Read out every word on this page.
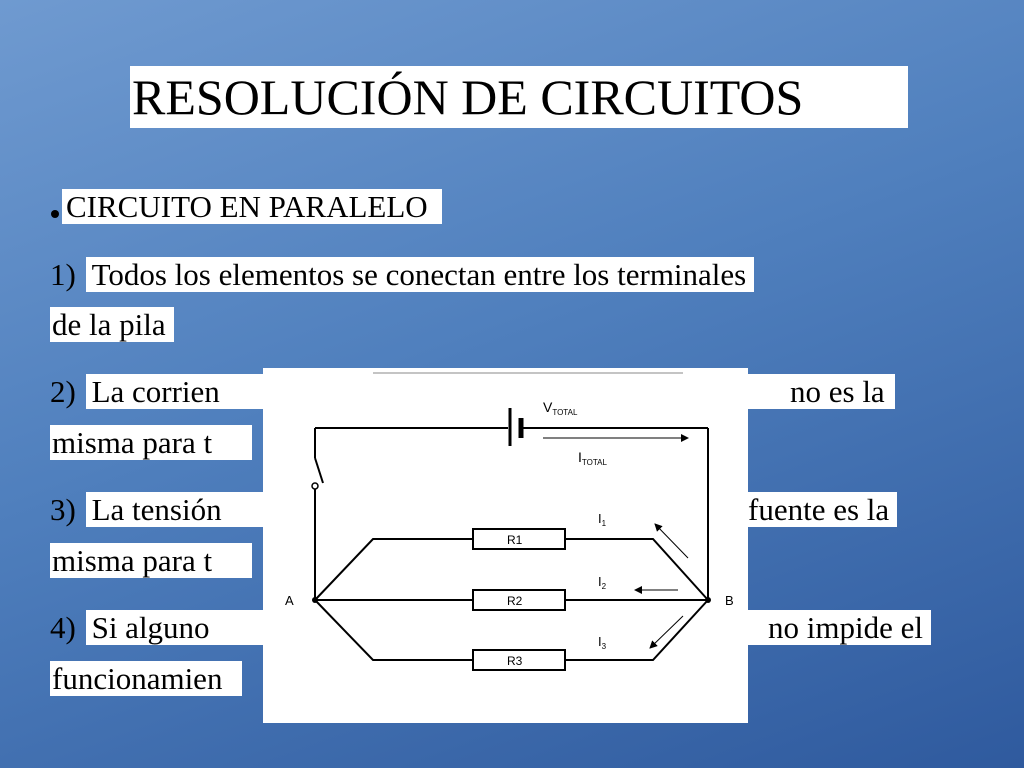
RESOLUCIÓN DE CIRCUITOS
CIRCUITO EN PARALELO
1) Todos los elementos se conectan entre los terminales
de la pila
2) La corrien	no es la
misma para t
3) La tensión	fuente es la
misma para t
4) Si alguno	no impide el
funcionamien
$V_{TOTAL}$
$I_{TOTAL}$
A	B
R1
R2
R3
$I_1$
$I_2$
$I_3$
